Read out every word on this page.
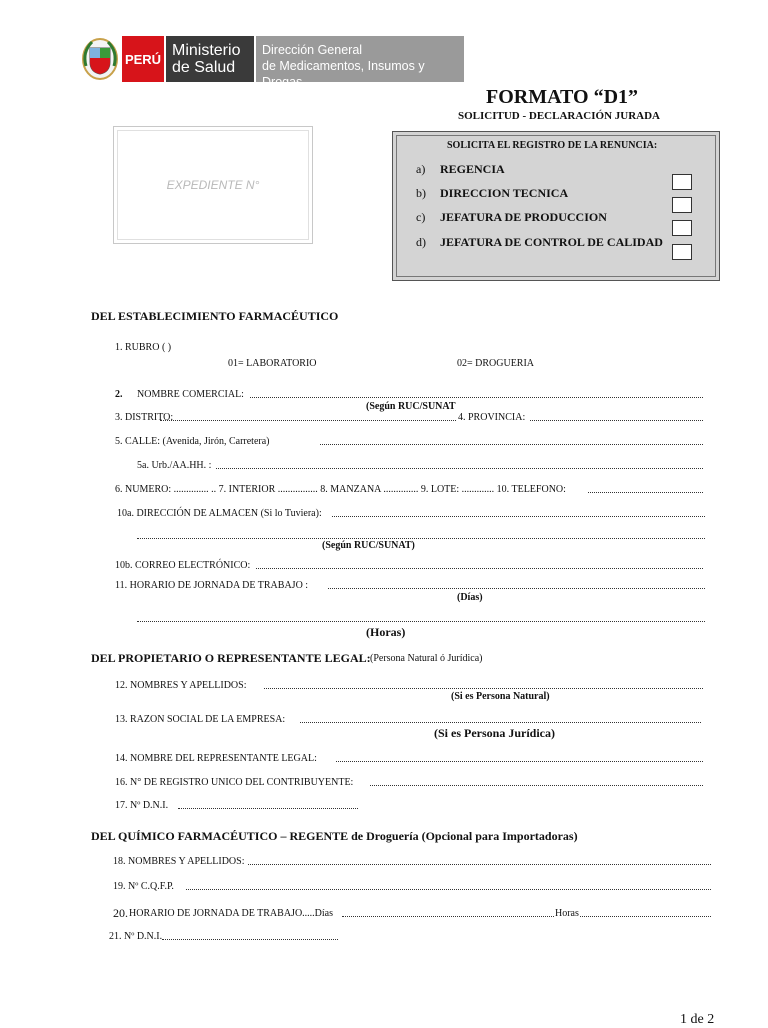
PERÚ Ministerio
de Salud
Dirección General
de Medicamentos, Insumos y Drogas
FORMATO “D1”
SOLICITUD - DECLARACIÓN JURADA
EXPEDIENTE N°
SOLICITA EL REGISTRO DE LA RENUNCIA:
a) REGENCIA
b) DIRECCION TECNICA
c) JEFATURA DE PRODUCCION
d) JEFATURA DE CONTROL DE CALIDAD
DEL ESTABLECIMIENTO FARMACÉUTICO
1. RUBRO ( )
01= LABORATORIO	02= DROGUERIA
2. NOMBRE COMERCIAL:
(Según RUC/SUNAT
3. DISTRITO:	4. PROVINCIA:
5. CALLE: (Avenida, Jirón, Carretera)
5a. Urb./AA.HH. :
6. NUMERO: .............. .. 7. INTERIOR ................ 8. MANZANA .............. 9. LOTE: ............. 10. TELEFONO:
10a. DIRECCIÓN DE ALMACEN (Si lo Tuviera):
(Según RUC/SUNAT)
10b. CORREO ELECTRÓNICO:
11. HORARIO DE JORNADA DE TRABAJO :
(Días)
(Horas)
DEL PROPIETARIO O REPRESENTANTE LEGAL: (Persona Natural ó Jurídica)
12. NOMBRES Y APELLIDOS:
(Si es Persona Natural)
13. RAZON SOCIAL DE LA EMPRESA:
(Si es Persona Jurídica)
14. NOMBRE DEL REPRESENTANTE LEGAL:
16. N° DE REGISTRO UNICO DEL CONTRIBUYENTE:
17. Nº D.N.I.
DEL QUÍMICO FARMACÉUTICO – REGENTE de Droguería (Opcional para Importadoras)
18. NOMBRES Y APELLIDOS:
19. Nº C.Q.F.P.
20. HORARIO DE JORNADA DE TRABAJO.....Días	Horas
21. Nº D.N.I.
1 de 2
